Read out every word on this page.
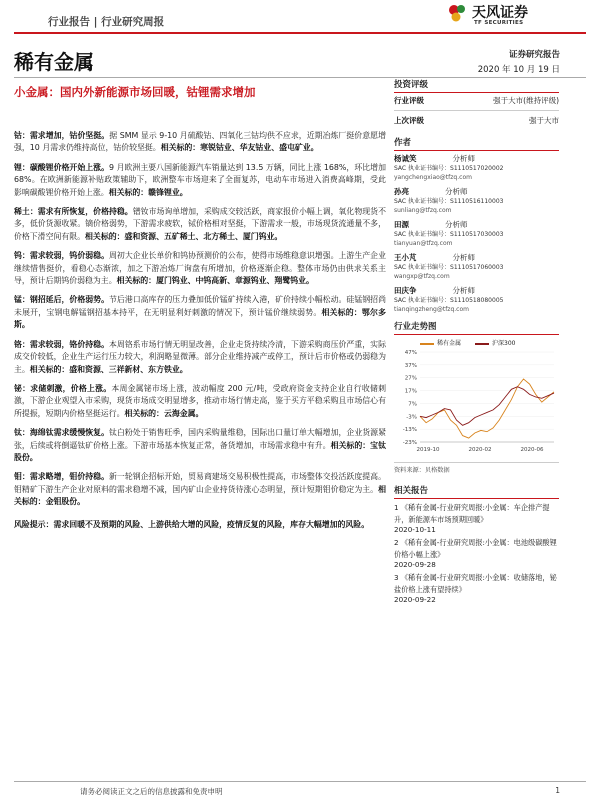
行业报告 | 行业研究周报
天风证券
TF SECURITIES
稀有金属	证券研究报告
2020 年 10 月 19 日
小金属：国内外新能源市场回暖，钴锂需求增加
钴：需求增加，钴价坚挺。据 SMM 显示 9-10 月硫酸钴、四氧化三钴均供不应求，近期冶炼厂挺价意愿增强，10 月需求仍维持高位，钴价较坚挺。相关标的：寒锐钴业、华友钴业、盛屯矿业。
锂：碳酸锂价格开始上涨。9 月欧洲主要八国新能源汽车销量达到 13.5 万辆，同比上涨 168%，环比增加 68%。在欧洲新能源补贴政策辅助下，欧洲整车市场迎来了全面复苏，电动车市场进入消费高峰期，受此影响碳酸锂价格开始上涨。相关标的：赣锋锂业。
稀土：需求有所恢复，价格持稳。镨钕市场询单增加，采购成交较活跃，商家报价小幅上调，氧化物现货不多，低价货源收紧。镝价格弱势，下游需求疲软，铽价格相对坚挺，下游需求一般，市场现货流通量不多，价格下滑空间有限。相关标的：盛和资源、五矿稀土、北方稀土、厦门钨业。
钨：需求较弱，钨价弱稳。周初大企业长单价和钨协预测价的公布，使得市场维稳意识增强。上游生产企业继续惜售挺价，看稳心态渐浓，加之下游冶炼厂询盘有所增加，价格逐渐企稳。整体市场仍由供求关系主导，预计后期钨价弱稳为主。相关标的：厦门钨业、中钨高新、章源钨业、翔鹭钨业。
锰：钢招延后，价格弱势。节后港口高库存的压力叠加低价锰矿持续入港，矿价持续小幅松动。硅锰钢招尚未展开，宝钢电解锰钢招基本持平，在无明显利好刺激的情况下，预计锰价继续弱势。相关标的：鄂尔多斯。
铬：需求较弱，铬价持稳。本周铬系市场行情无明显改善，企业走货持续冷清，下游采购商压价严重，实际成交价较低，企业生产运行压力较大，利润略显微薄。部分企业维持减产或停工，预计后市价格或仍弱稳为主。相关标的：盛和资源、三祥新材、东方铁业。
铋：求储刺激，价格上涨。本周金属铋市场上涨，波动幅度 200 元/吨，受政府资金支持企业自行收储刺激，下游企业观望入市采购，现货市场成交明显增多，推动市场行情走高，鉴于买方平稳采购且市场信心有所提振，短期内价格坚挺运行。相关标的：云海金属。
钛：海绵钛需求缓慢恢复。钛白粉处于销售旺季，国内采购量维稳，国际出口量订单大幅增加，企业货源紧张，后续或将倒逼钛矿价格上涨。下游市场基本恢复正常，备货增加，市场需求稳中有升。相关标的：宝钛股份。
钼：需求略增，钼价持稳。新一轮钢企招标开始，贸易商建场交易积极性提高，市场整体交投活跃度提高。钼精矿下游生产企业对原料的需求稳增不减，国内矿山企业持货待涨心态明显，预计短期钼价稳定为主。相关标的：金钼股份。
风险提示：需求回暖不及预期的风险、上游供给大增的风险，疫情反复的风险，库存大幅增加的风险。
投资评级
行业评级	强于大市(维持评级)
上次评级	强于大市
作者
杨诚笑	分析师
SAC 执业证书编号：S1110517020002
yangchengxiao@tfzq.com
孙亮	分析师
SAC 执业证书编号：S1110516110003
sunliang@tfzq.com
田源	分析师
SAC 执业证书编号：S1110517030003
tianyuan@tfzq.com
王小芃	分析师
SAC 执业证书编号：S1110517060003
wangxp@tfzq.com
田庆争	分析师
SAC 执业证书编号：S1110518080005
tianqingzheng@tfzq.com
行业走势图
稀有金属	沪深300
47%
37%
27%
17%
7%
-3%
-13%
-23%
2019-10	2020-02	2020-06
资料来源：贝格数据
相关报告
1 《稀有金属-行业研究周报:小金属：车企排产提升，新能源车市场预期回暖》
2020-10-11
2 《稀有金属-行业研究周报:小金属：电池级碳酸锂价格小幅上涨》
2020-09-28
3 《稀有金属-行业研究周报:小金属：收储落地，铋盐价格上涨有望持续》
2020-09-22
请务必阅读正文之后的信息披露和免责申明	1
